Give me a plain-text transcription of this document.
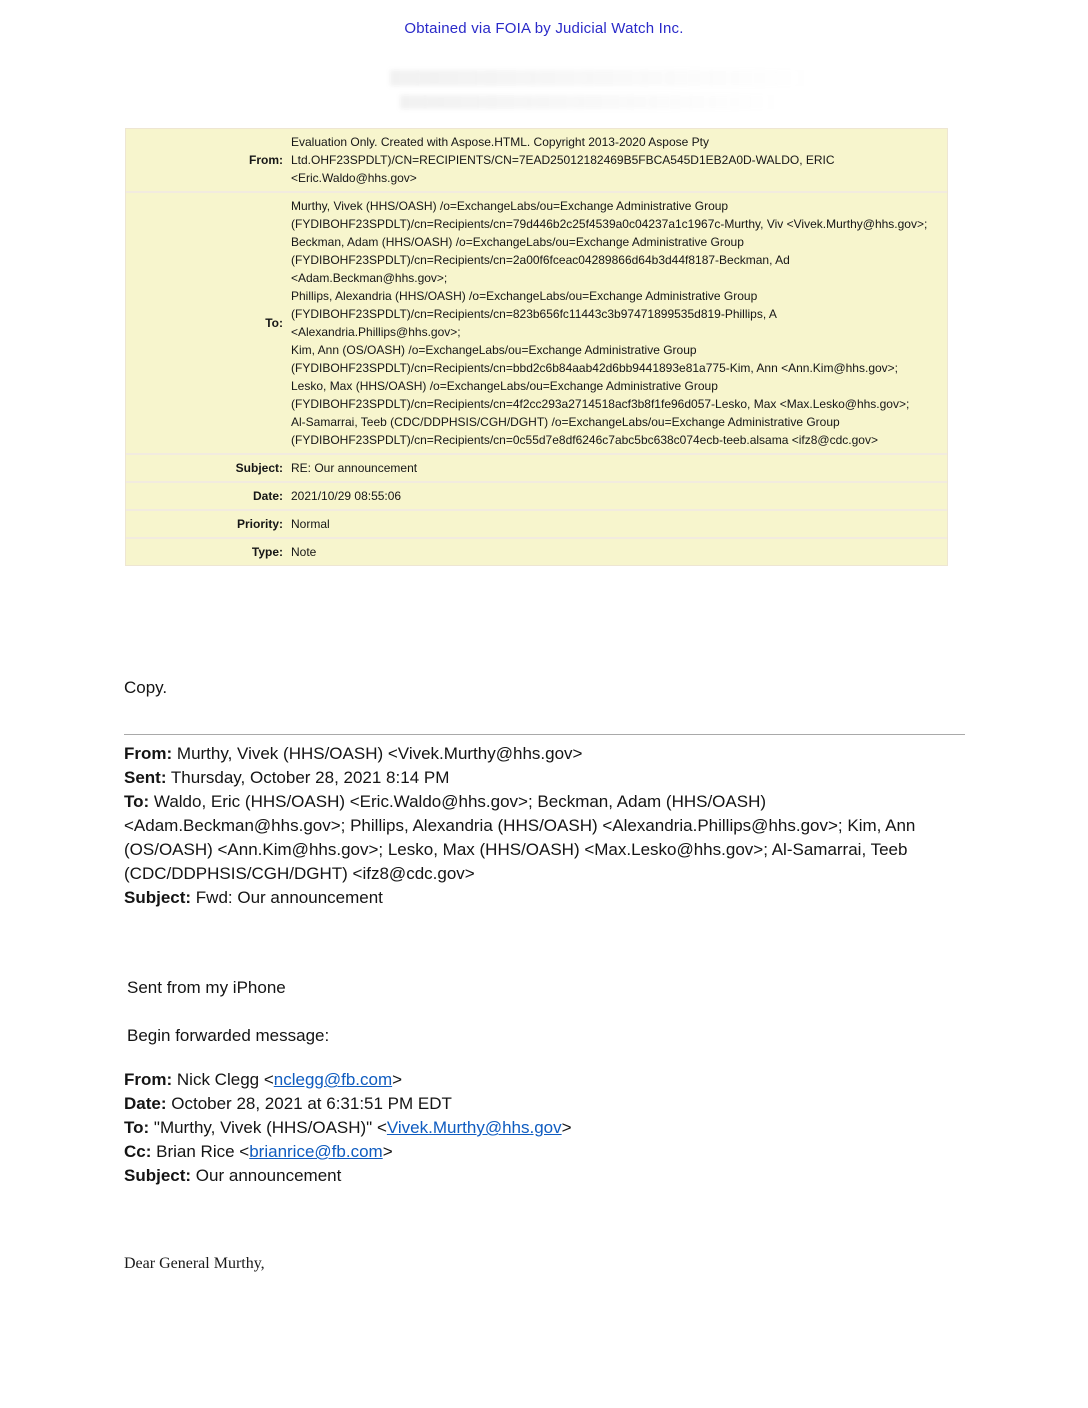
Obtained via FOIA by Judicial Watch Inc.
From:
Evaluation Only. Created with Aspose.HTML. Copyright 2013-2020 Aspose Pty Ltd.OHF23SPDLT)/CN=RECIPIENTS/CN=7EAD25012182469B5FBCA545D1EB2A0D-WALDO, ERIC <Eric.Waldo@hhs.gov>
To:
Murthy, Vivek (HHS/OASH) /o=ExchangeLabs/ou=Exchange Administrative Group (FYDIBOHF23SPDLT)/cn=Recipients/cn=79d446b2c25f4539a0c04237a1c1967c-Murthy, Viv <Vivek.Murthy@hhs.gov>;
Beckman, Adam (HHS/OASH) /o=ExchangeLabs/ou=Exchange Administrative Group (FYDIBOHF23SPDLT)/cn=Recipients/cn=2a00f6fceac04289866d64b3d44f8187-Beckman, Ad <Adam.Beckman@hhs.gov>;
Phillips, Alexandria (HHS/OASH) /o=ExchangeLabs/ou=Exchange Administrative Group (FYDIBOHF23SPDLT)/cn=Recipients/cn=823b656fc11443c3b97471899535d819-Phillips, A <Alexandria.Phillips@hhs.gov>;
Kim, Ann (OS/OASH) /o=ExchangeLabs/ou=Exchange Administrative Group (FYDIBOHF23SPDLT)/cn=Recipients/cn=bbd2c6b84aab42d6bb9441893e81a775-Kim, Ann <Ann.Kim@hhs.gov>;
Lesko, Max (HHS/OASH) /o=ExchangeLabs/ou=Exchange Administrative Group (FYDIBOHF23SPDLT)/cn=Recipients/cn=4f2cc293a2714518acf3b8f1fe96d057-Lesko, Max <Max.Lesko@hhs.gov>;
Al-Samarrai, Teeb (CDC/DDPHSIS/CGH/DGHT) /o=ExchangeLabs/ou=Exchange Administrative Group (FYDIBOHF23SPDLT)/cn=Recipients/cn=0c55d7e8df6246c7abc5bc638c074ecb-teeb.alsama <ifz8@cdc.gov>
Subject: RE: Our announcement
Date: 2021/10/29 08:55:06
Priority: Normal
Type: Note
Copy.
From: Murthy, Vivek (HHS/OASH) <Vivek.Murthy@hhs.gov>
Sent: Thursday, October 28, 2021 8:14 PM
To: Waldo, Eric (HHS/OASH) <Eric.Waldo@hhs.gov>; Beckman, Adam (HHS/OASH) <Adam.Beckman@hhs.gov>; Phillips, Alexandria (HHS/OASH) <Alexandria.Phillips@hhs.gov>; Kim, Ann (OS/OASH) <Ann.Kim@hhs.gov>; Lesko, Max (HHS/OASH) <Max.Lesko@hhs.gov>; Al-Samarrai, Teeb (CDC/DDPHSIS/CGH/DGHT) <ifz8@cdc.gov>
Subject: Fwd: Our announcement
Sent from my iPhone
Begin forwarded message:
From: Nick Clegg <nclegg@fb.com>
Date: October 28, 2021 at 6:31:51 PM EDT
To: "Murthy, Vivek (HHS/OASH)" <Vivek.Murthy@hhs.gov>
Cc: Brian Rice <brianrice@fb.com>
Subject: Our announcement
Dear General Murthy,
